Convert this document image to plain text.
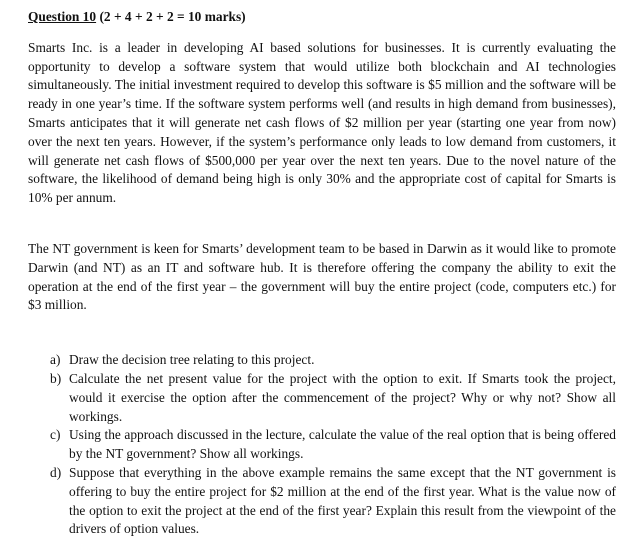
Question 10 (2 + 4 + 2 + 2 = 10 marks)

Smarts Inc. is a leader in developing AI based solutions for businesses. It is currently evaluating the opportunity to develop a software system that would utilize both blockchain and AI technologies simultaneously. The initial investment required to develop this software is $5 million and the software will be ready in one year’s time. If the software system performs well (and results in high demand from businesses), Smarts anticipates that it will generate net cash flows of $2 million per year (starting one year from now) over the next ten years. However, if the system’s performance only leads to low demand from customers, it will generate net cash flows of $500,000 per year over the next ten years. Due to the novel nature of the software, the likelihood of demand being high is only 30% and the appropriate cost of capital for Smarts is 10% per annum.

The NT government is keen for Smarts’ development team to be based in Darwin as it would like to promote Darwin (and NT) as an IT and software hub. It is therefore offering the company the ability to exit the operation at the end of the first year – the government will buy the entire project (code, computers etc.) for $3 million.

a) Draw the decision tree relating to this project.
b) Calculate the net present value for the project with the option to exit. If Smarts took the project, would it exercise the option after the commencement of the project? Why or why not? Show all workings.
c) Using the approach discussed in the lecture, calculate the value of the real option that is being offered by the NT government? Show all workings.
d) Suppose that everything in the above example remains the same except that the NT government is offering to buy the entire project for $2 million at the end of the first year. What is the value now of the option to exit the project at the end of the first year? Explain this result from the viewpoint of the drivers of option values.
